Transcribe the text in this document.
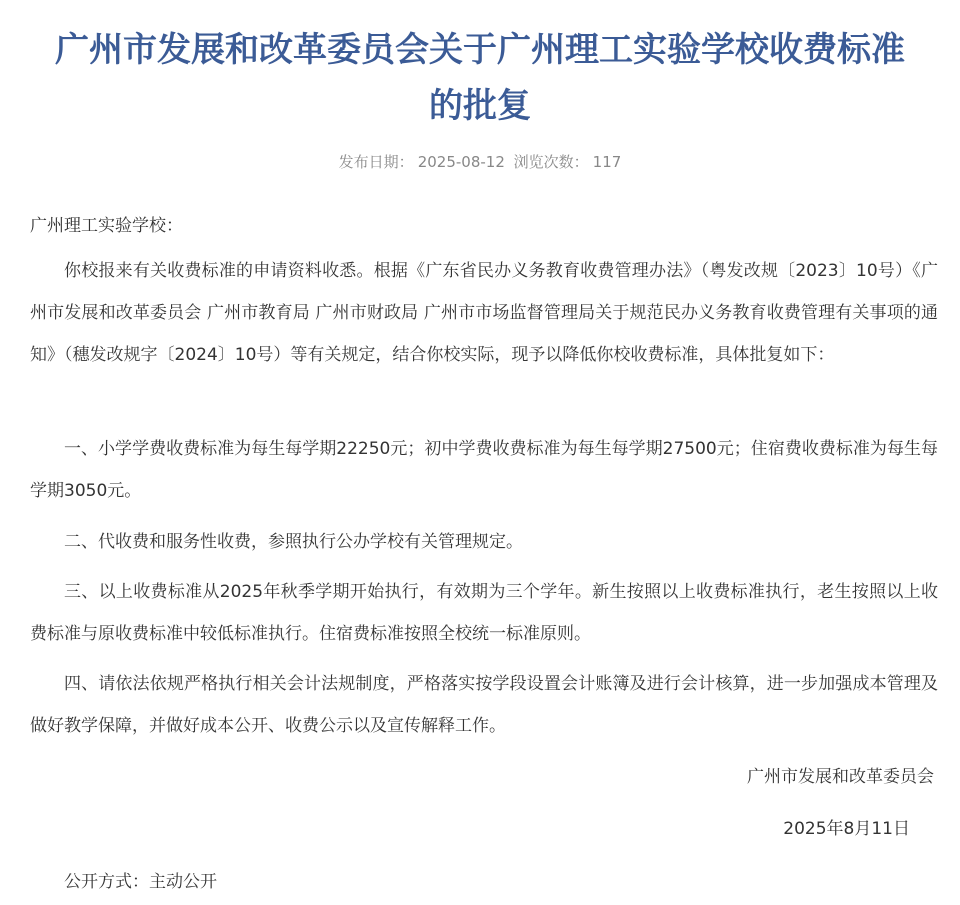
广州市发展和改革委员会关于广州理工实验学校收费标准
的批复
发布日期： 2025-08-12 浏览次数： 117
广州理工实验学校：

你校报来有关收费标准的申请资料收悉。根据《广东省民办义务教育收费管理办法》（粤发改规〔2023〕10号）《广州市发展和改革委员会 广州市教育局 广州市财政局 广州市市场监督管理局关于规范民办义务教育收费管理有关事项的通知》（穗发改规字〔2024〕10号）等有关规定，结合你校实际，现予以降低你校收费标准，具体批复如下：

一、小学学费收费标准为每生每学期22250元；初中学费收费标准为每生每学期27500元；住宿费收费标准为每生每学期3050元。

二、代收费和服务性收费，参照执行公办学校有关管理规定。

三、以上收费标准从2025年秋季学期开始执行，有效期为三个学年。新生按照以上收费标准执行，老生按照以上收费标准与原收费标准中较低标准执行。住宿费标准按照全校统一标准原则。

四、请依法依规严格执行相关会计法规制度，严格落实按学段设置会计账簿及进行会计核算，进一步加强成本管理及做好教学保障，并做好成本公开、收费公示以及宣传解释工作。

广州市发展和改革委员会
2025年8月11日
公开方式：主动公开
